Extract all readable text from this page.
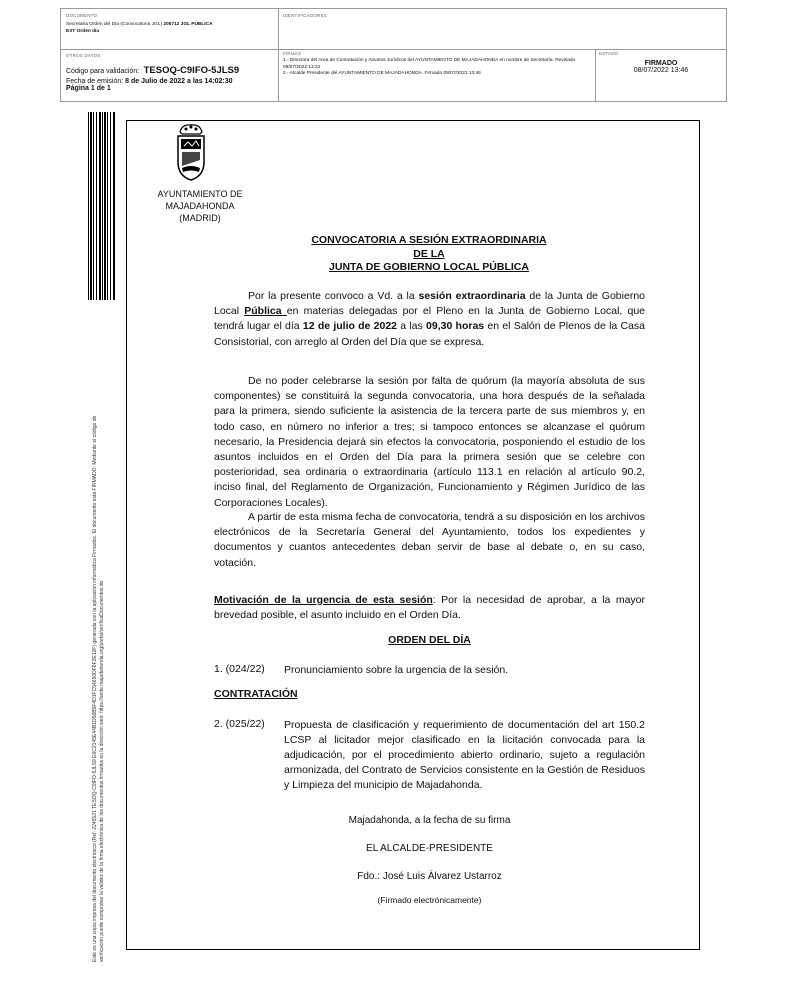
DOCUMENTO
Secretaria Orden del Día (Convocatoria JGL) 205712 JGL PÚBLICA
EXT Orden día
IDENTIFICADORES
OTROS DATOS
Código para validación: TESOQ-C9IFO-5JLS9
Fecha de emisión: 8 de Julio de 2022 a las 14:02:30
Página 1 de 1
FIRMAS
1.- Directora del Area de Contratación y Asuntos Jurídicos del AYUNTAMIENTO DE MAJADAHONDA en nombre de Secretaría. Revisado 08/07/2022 13:22
2.- Alcalde Presidente del AYUNTAMIENTO DE MAJADAHONDA. Firmado 08/07/2022 13:46
ESTADO
FIRMADO
08/07/2022 13:46
Este es una copia impresa del documento electrónico (Ref: 2245521 TESOQ-C9IFO-5JLS9 E6C2145E44B1D58B5F4D1FC54650DF8F2E12F) generada con la aplicación informática Firmadoc. El documento está FIRMADO. Mediante el código de verificación puede comprobar la validez de la firma electrónica de los documentos firmados en la dirección web: https://sede.majadahonda.org/portal/verificaDocumentos.do
AYUNTAMIENTO DE
MAJADAHONDA
(MADRID)
CONVOCATORIA A SESIÓN EXTRAORDINARIA
DE LA
JUNTA DE GOBIERNO LOCAL PÚBLICA
Por la presente convoco a Vd. a la sesión extraordinaria de la Junta de Gobierno Local Pública en materias delegadas por el Pleno en la Junta de Gobierno Local, que tendrá lugar el día 12 de julio de 2022 a las 09,30 horas en el Salón de Plenos de la Casa Consistorial, con arreglo al Orden del Día que se expresa.
De no poder celebrarse la sesión por falta de quórum (la mayoría absoluta de sus componentes) se constituirá la segunda convocatoria, una hora después de la señalada para la primera, siendo suficiente la asistencia de la tercera parte de sus miembros y, en todo caso, en número no inferior a tres; si tampoco entonces se alcanzase el quórum necesario, la Presidencia dejará sin efectos la convocatoria, posponiendo el estudio de los asuntos incluidos en el Orden del Día para la primera sesión que se celebre con posterioridad, sea ordinaria o extraordinaria (artículo 113.1 en relación al artículo 90.2, inciso final, del Reglamento de Organización, Funcionamiento y Régimen Jurídico de las Corporaciones Locales).
A partir de esta misma fecha de convocatoria, tendrá a su disposición en los archivos electrónicos de la Secretaría General del Ayuntamiento, todos los expedientes y documentos y cuantos antecedentes deban servir de base al debate o, en su caso, votación.
Motivación de la urgencia de esta sesión: Por la necesidad de aprobar, a la mayor brevedad posible, el asunto incluido en el Orden Día.
ORDEN DEL DÍA
1. (024/22) Pronunciamiento sobre la urgencia de la sesión.
CONTRATACIÓN
2. (025/22) Propuesta de clasificación y requerimiento de documentación del art 150.2 LCSP al licitador mejor clasificado en la licitación convocada para la adjudicación, por el procedimiento abierto ordinario, sujeto a regulación armonizada, del Contrato de Servicios consistente en la Gestión de Residuos y Limpieza del municipio de Majadahonda.
Majadahonda, a la fecha de su firma
EL ALCALDE-PRESIDENTE
Fdo.: José Luis Álvarez Ustarroz
(Firmado electrónicamente)
